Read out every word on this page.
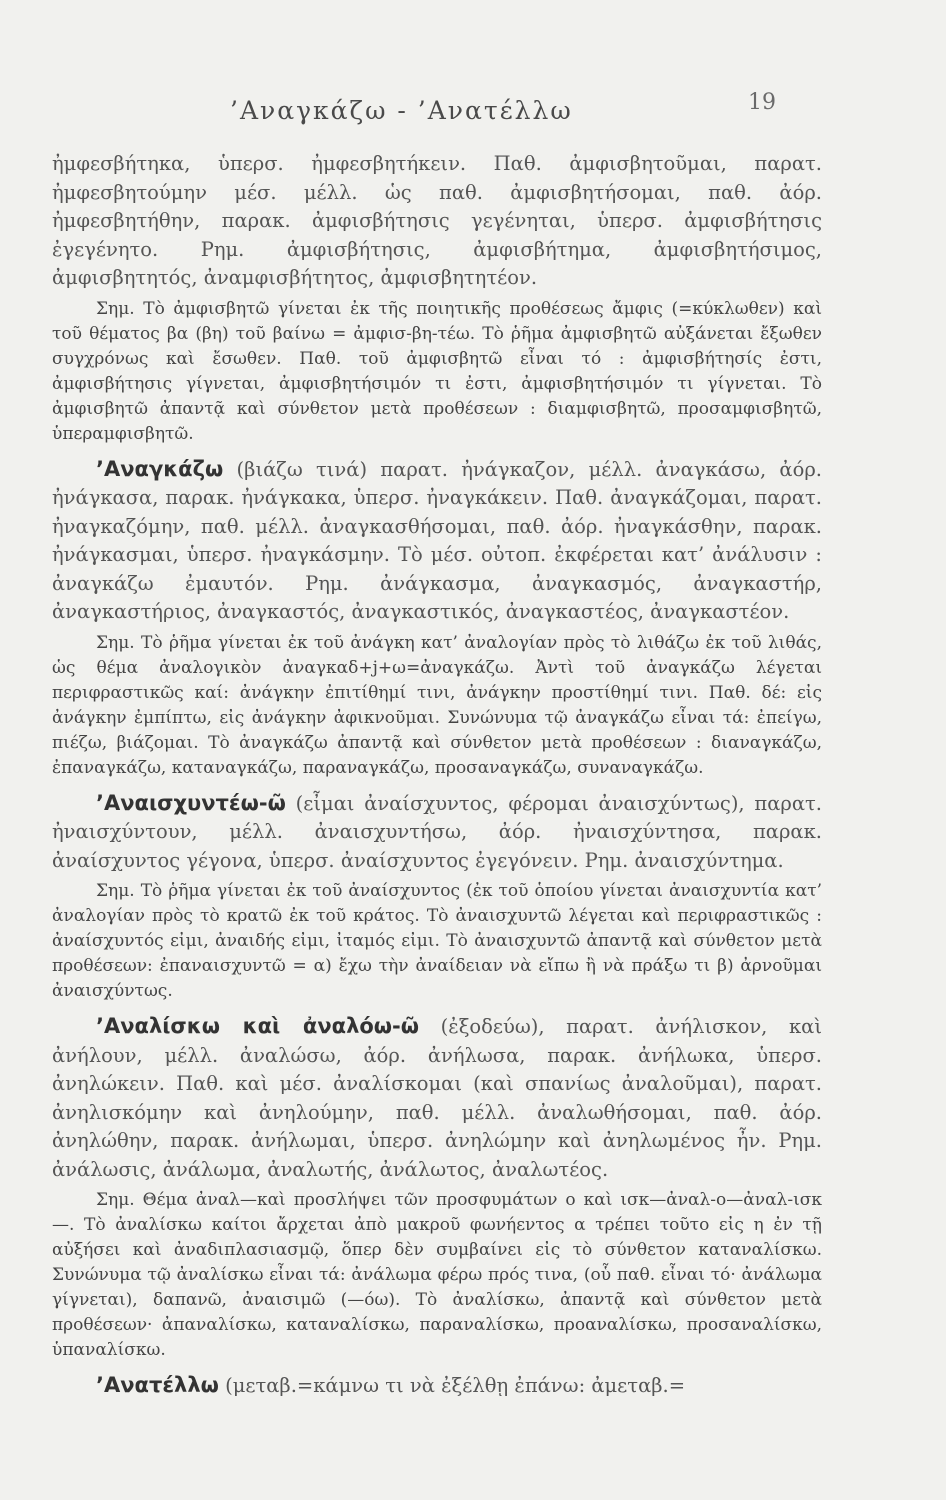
’Αναγκάζω - ’Ανατέλλω	19

ἠμφεσβήτηκα, ὑπερσ. ἠμφεσβητήκειν. Παθ. ἀμφισβητοῦμαι, παρατ. ἠμφεσβητούμην μέσ. μέλλ. ὡς παθ. ἀμφισβητήσομαι, παθ. ἀόρ. ἠμφεσβητήθην, παρακ. ἀμφισβήτησις γεγένηται, ὑπερσ. ἀμφισβήτησις ἐγεγένητο. Ρημ. ἀμφισβήτησις, ἀμφισβήτημα, ἀμφισβητήσιμος, ἀμφισβητητός, ἀναμφισβήτητος, ἀμφισβητητέον.

Σημ. Τὸ ἀμφισβητῶ γίνεται ἐκ τῆς ποιητικῆς προθέσεως ἄμφις (=κύκλωθεν) καὶ τοῦ θέματος βα (βη) τοῦ βαίνω = ἀμφισ-βη-τέω. Τὸ ῥῆμα ἀμφισβητῶ αὐξάνεται ἔξωθεν συγχρόνως καὶ ἔσωθεν. Παθ. τοῦ ἀμφισβητῶ εἶναι τό : ἀμφισβήτησίς ἐστι, ἀμφισβήτησις γίγνεται, ἀμφισβητήσιμόν τι ἐστι, ἀμφισβητήσιμόν τι γίγνεται. Τὸ ἀμφισβητῶ ἀπαντᾷ καὶ σύνθετον μετὰ προθέσεων : διαμφισβητῶ, προσαμφισβητῶ, ὑπεραμφισβητῶ.

’Αναγκάζω (βιάζω τινά) παρατ. ἠνάγκαζον, μέλλ. ἀναγκάσω, ἀόρ. ἠνάγκασα, παρακ. ἠνάγκακα, ὑπερσ. ἠναγκάκειν. Παθ. ἀναγκάζομαι, παρατ. ἠναγκαζόμην, παθ. μέλλ. ἀναγκασθήσομαι, παθ. ἀόρ. ἠναγκάσθην, παρακ. ἠνάγκασμαι, ὑπερσ. ἠναγκάσμην. Τὸ μέσ. οὐτοπ. ἐκφέρεται κατ’ ἀνάλυσιν : ἀναγκάζω ἐμαυτόν. Ρημ. ἀνάγκασμα, ἀναγκασμός, ἀναγκαστήρ, ἀναγκαστήριος, ἀναγκαστός, ἀναγκαστικός, ἀναγκαστέος, ἀναγκαστέον.

Σημ. Τὸ ῥῆμα γίνεται ἐκ τοῦ ἀνάγκη κατ’ ἀναλογίαν πρὸς τὸ λιθάζω ἐκ τοῦ λιθάς, ὡς θέμα ἀναλογικὸν ἀναγκαδ+j+ω=ἀναγκάζω. Ἀντὶ τοῦ ἀναγκάζω λέγεται περιφραστικῶς καί: ἀνάγκην ἐπιτίθημί τινι, ἀνάγκην προστίθημί τινι. Παθ. δέ: εἰς ἀνάγκην ἐμπίπτω, εἰς ἀνάγκην ἀφικνοῦμαι. Συνώνυμα τῷ ἀναγκάζω εἶναι τά: ἐπείγω, πιέζω, βιάζομαι. Τὸ ἀναγκάζω ἀπαντᾷ καὶ σύνθετον μετὰ προθέσεων : διαναγκάζω, ἐπαναγκάζω, καταναγκάζω, παραναγκάζω, προσαναγκάζω, συναναγκάζω.

’Αναισχυντέω-ῶ (εἶμαι ἀναίσχυντος, φέρομαι ἀναισχύντως), παρατ. ἠναισχύντουν, μέλλ. ἀναισχυντήσω, ἀόρ. ἠναισχύντησα, παρακ. ἀναίσχυντος γέγονα, ὑπερσ. ἀναίσχυντος ἐγεγόνειν. Ρημ. ἀναισχύντημα.

Σημ. Τὸ ῥῆμα γίνεται ἐκ τοῦ ἀναίσχυντος (ἐκ τοῦ ὁποίου γίνεται ἀναισχυντία κατ’ ἀναλογίαν πρὸς τὸ κρατῶ ἐκ τοῦ κράτος. Τὸ ἀναισχυντῶ λέγεται καὶ περιφραστικῶς : ἀναίσχυντός εἰμι, ἀναιδής εἰμι, ἰταμός εἰμι. Τὸ ἀναισχυντῶ ἀπαντᾷ καὶ σύνθετον μετὰ προθέσεων: ἐπαναισχυντῶ = α) ἔχω τὴν ἀναίδειαν νὰ εἴπω ἢ νὰ πράξω τι β) ἀρνοῦμαι ἀναισχύντως.

’Αναλίσκω καὶ ἀναλόω-ῶ (ἐξοδεύω), παρατ. ἀνήλισκον, καὶ ἀνήλουν, μέλλ. ἀναλώσω, ἀόρ. ἀνήλωσα, παρακ. ἀνήλωκα, ὑπερσ. ἀνηλώκειν. Παθ. καὶ μέσ. ἀναλίσκομαι (καὶ σπανίως ἀναλοῦμαι), παρατ. ἀνηλισκόμην καὶ ἀνηλούμην, παθ. μέλλ. ἀναλωθήσομαι, παθ. ἀόρ. ἀνηλώθην, παρακ. ἀνήλωμαι, ὑπερσ. ἀνηλώμην καὶ ἀνηλωμένος ἦν. Ρημ. ἀνάλωσις, ἀνάλωμα, ἀναλωτής, ἀνάλωτος, ἀναλωτέος.

Σημ. Θέμα ἀναλ—καὶ προσλήψει τῶν προσφυμάτων ο καὶ ισκ—ἀναλ-ο—ἀναλ-ισκ—. Τὸ ἀναλίσκω καίτοι ἄρχεται ἀπὸ μακροῦ φωνήεντος α τρέπει τοῦτο εἰς η ἐν τῇ αὐξήσει καὶ ἀναδιπλασιασμῷ, ὅπερ δὲν συμβαίνει εἰς τὸ σύνθετον καταναλίσκω. Συνώνυμα τῷ ἀναλίσκω εἶναι τά: ἀνάλωμα φέρω πρός τινα, (οὗ παθ. εἶναι τό· ἀνάλωμα γίγνεται), δαπανῶ, ἀναισιμῶ (—όω). Τὸ ἀναλίσκω, ἀπαντᾷ καὶ σύνθετον μετὰ προθέσεων· ἀπαναλίσκω, καταναλίσκω, παραναλίσκω, προαναλίσκω, προσαναλίσκω, ὑπαναλίσκω.

’Ανατέλλω (μεταβ.=κάμνω τι νὰ ἐξέλθῃ ἐπάνω: ἀμεταβ.=
